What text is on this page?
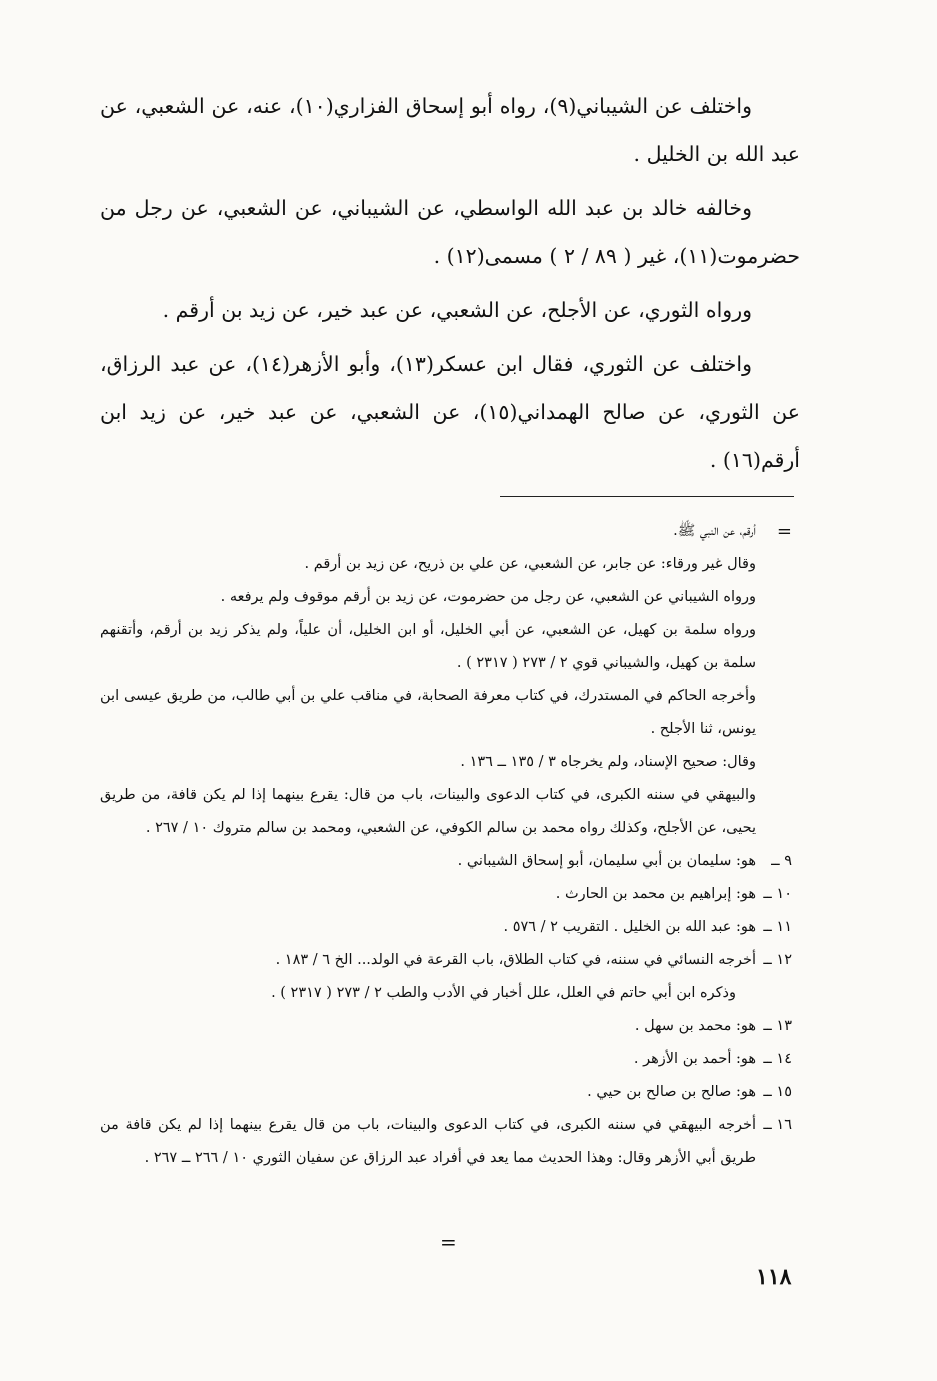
واختلف عن الشيباني(٩)، رواه أبو إسحاق الفزاري(١٠)، عنه، عن الشعبي، عن عبد الله بن الخليل .

وخالفه خالد بن عبد الله الواسطي، عن الشيباني، عن الشعبي، عن رجل من حضرموت(١١)، غير ( ٨٩ / ٢ ) مسمى(١٢) .

ورواه الثوري، عن الأجلح، عن الشعبي، عن عبد خير، عن زيد بن أرقم .

واختلف عن الثوري، فقال ابن عسكر(١٣)، وأبو الأزهر(١٤)، عن عبد الرزاق، عن الثوري، عن صالح الهمداني(١٥)، عن الشعبي، عن عبد خير، عن زيد ابن أرقم(١٦) .

=
أرقم، عن النبي ﷺ.

وقال غير ورقاء: عن جابر، عن الشعبي، عن علي بن ذريح، عن زيد بن أرقم .

ورواه الشيباني عن الشعبي، عن رجل من حضرموت، عن زيد بن أرقم موقوف ولم يرفعه .

ورواه سلمة بن كهيل، عن الشعبي، عن أبي الخليل، أو ابن الخليل، أن علياً، ولم يذكر زيد بن أرقم، وأتقنهم سلمة بن كهيل، والشيباني قوي ٢ / ٢٧٣ ( ٢٣١٧ ) .

وأخرجه الحاكم في المستدرك، في كتاب معرفة الصحابة، في مناقب علي بن أبي طالب، من طريق عيسى ابن يونس، ثنا الأجلح .

وقال: صحيح الإسناد، ولم يخرجاه ٣ / ١٣٥ ــ ١٣٦ .

والبيهقي في سننه الكبرى، في كتاب الدعوى والبينات، باب من قال: يقرع بينهما إذا لم يكن قافة، من طريق يحيى، عن الأجلح، وكذلك رواه محمد بن سالم الكوفي، عن الشعبي، ومحمد بن سالم متروك ١٠ / ٢٦٧ .

٩ ــ
هو: سليمان بن أبي سليمان، أبو إسحاق الشيباني .

١٠ ــ
هو: إبراهيم بن محمد بن الحارث .

١١ ــ
هو: عبد الله بن الخليل . التقريب ٢ / ٥٧٦ .

١٢ ــ
أخرجه النسائي في سننه، في كتاب الطلاق، باب القرعة في الولد... الخ ٦ / ١٨٣ .

وذكره ابن أبي حاتم في العلل، علل أخبار في الأدب والطب ٢ / ٢٧٣ ( ٢٣١٧ ) .

١٣ ــ
هو: محمد بن سهل .

١٤ ــ
هو: أحمد بن الأزهر .

١٥ ــ
هو: صالح بن صالح بن حيي .

١٦ ــ
أخرجه البيهقي في سننه الكبرى، في كتاب الدعوى والبينات، باب من قال يقرع بينهما إذا لم يكن قافة من طريق أبي الأزهر وقال: وهذا الحديث مما يعد في أفراد عبد الرزاق عن سفيان الثوري ١٠ / ٢٦٦ ــ ٢٦٧ .

=
١١٨
